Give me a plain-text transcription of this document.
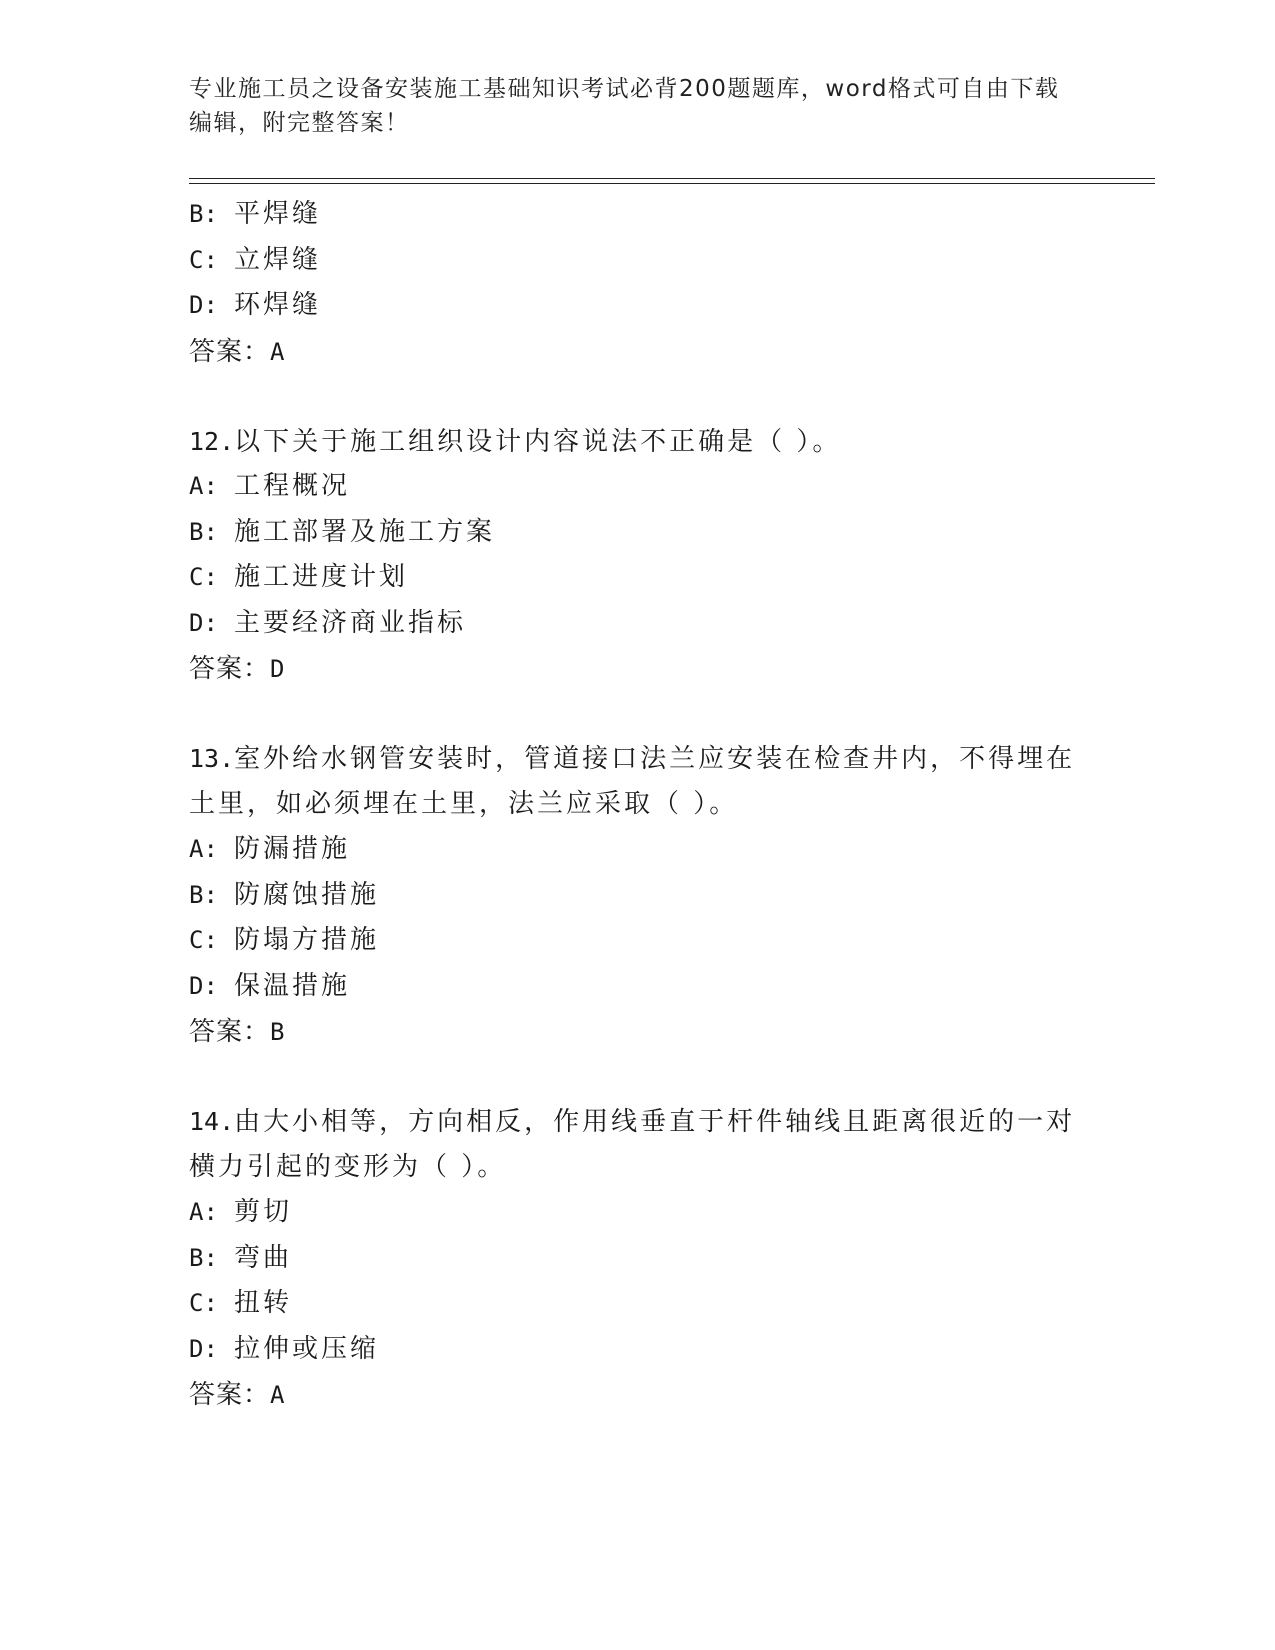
专业施工员之设备安装施工基础知识考试必背200题题库，word格式可自由下载
编辑，附完整答案！
B: 平焊缝
C: 立焊缝
D: 环焊缝
答案：A
12.以下关于施工组织设计内容说法不正确是（ ）。
A: 工程概况
B: 施工部署及施工方案
C: 施工进度计划
D: 主要经济商业指标
答案：D
13.室外给水钢管安装时，管道接口法兰应安装在检查井内，不得埋在
土里，如必须埋在土里，法兰应采取（ ）。
A: 防漏措施
B: 防腐蚀措施
C: 防塌方措施
D: 保温措施
答案：B
14.由大小相等，方向相反，作用线垂直于杆件轴线且距离很近的一对
横力引起的变形为（ ）。
A: 剪切
B: 弯曲
C: 扭转
D: 拉伸或压缩
答案：A
